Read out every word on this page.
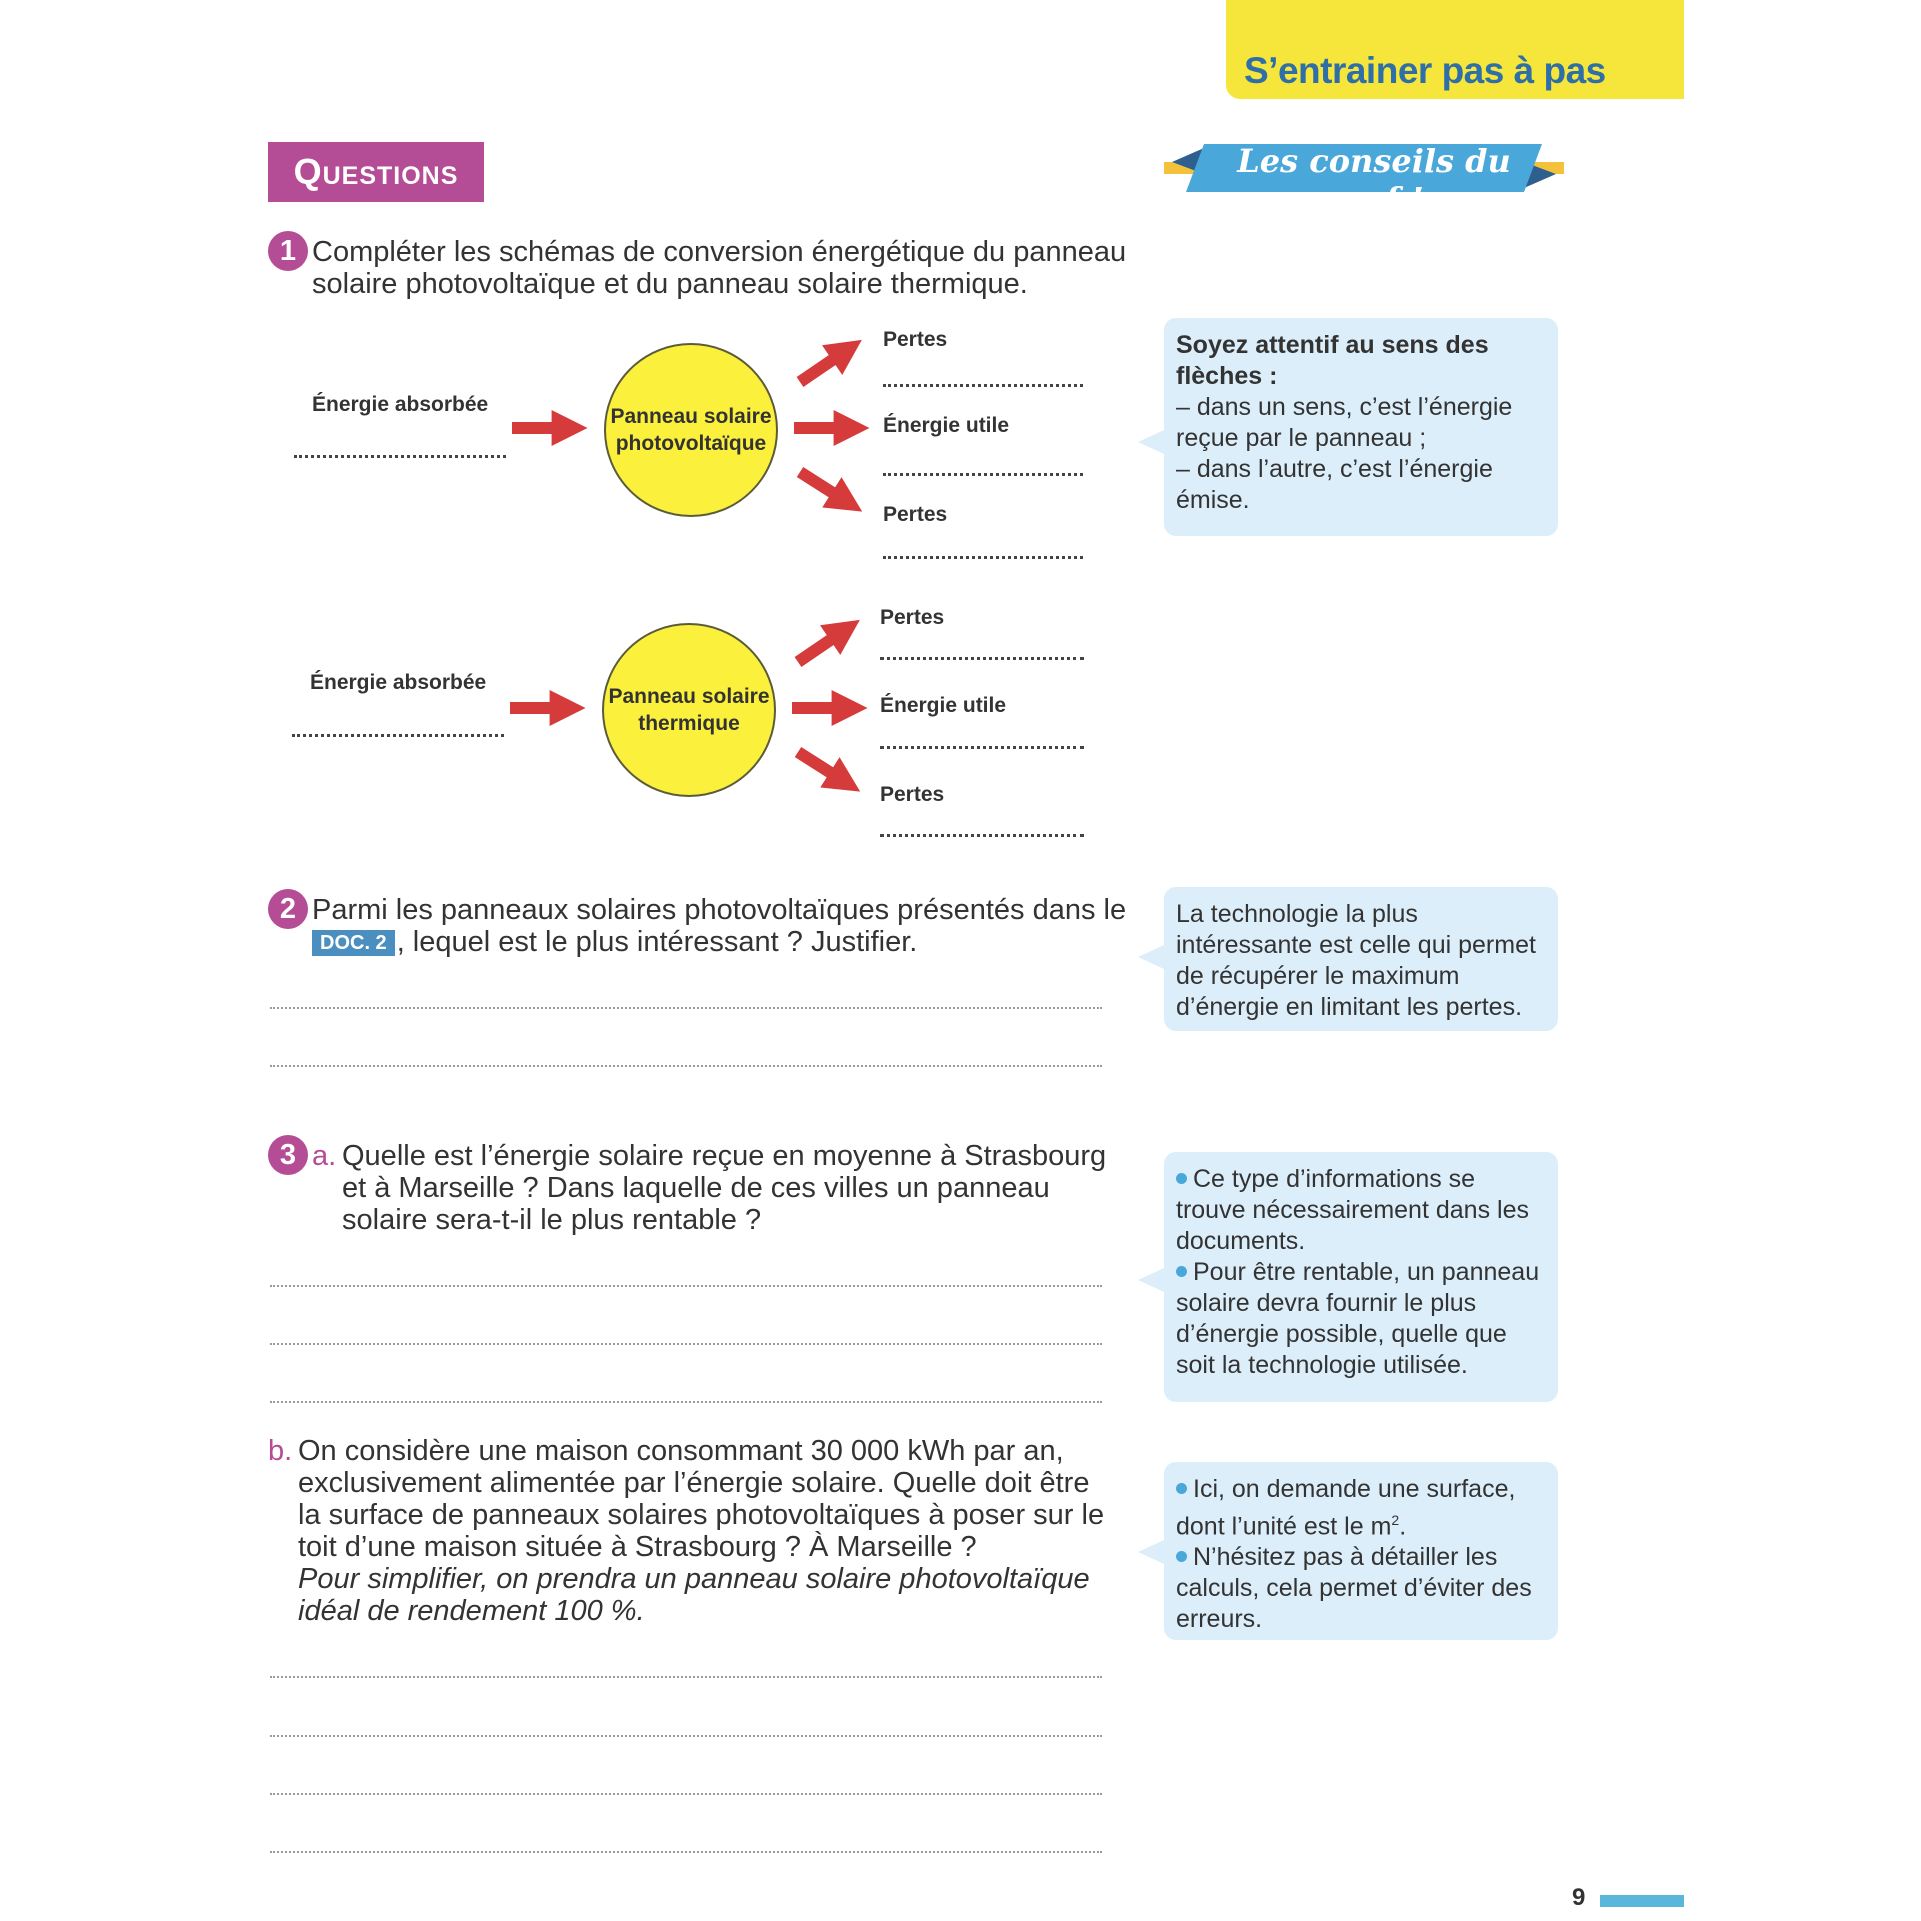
S’entrainer pas à pas
Questions	Les conseils du prof !
1 Compléter les schémas de conversion énergétique du panneau
solaire photovoltaïque et du panneau solaire thermique.
Énergie absorbée
Panneau solaire
photovoltaïque
Pertes
Énergie utile
Pertes
Énergie absorbée
Panneau solaire
thermique
Pertes
Énergie utile
Pertes

Soyez attentif au sens des flèches :

– dans un sens, c’est l’énergie reçue par le panneau ;

– dans l’autre, c’est l’énergie émise.

2 Parmi les panneaux solaires photovoltaïques présentés dans le
DOC. 2 , lequel est le plus intéressant ? Justifier.

La technologie la plus intéressante est celle qui permet de récupérer le maximum d’énergie en limitant les pertes.

3 a. Quelle est l’énergie solaire reçue en moyenne à Strasbourg
et à Marseille ? Dans laquelle de ces villes un panneau
solaire sera-t-il le plus rentable ?

Ce type d’informations se trouve nécessairement dans les documents.

Pour être rentable, un panneau solaire devra fournir le plus d’énergie possible, quelle que soit la technologie utilisée.

b. On considère une maison consommant 30 000 kWh par an,
exclusivement alimentée par l’énergie solaire. Quelle doit être
la surface de panneaux solaires photovoltaïques à poser sur le
toit d’une maison située à Strasbourg ? À Marseille ?
Pour simplifier, on prendra un panneau solaire photovoltaïque
idéal de rendement 100 %.

Ici, on demande une surface, dont l’unité est le $m^2$.

N’hésitez pas à détailler les calculs, cela permet d’éviter des erreurs.

9
